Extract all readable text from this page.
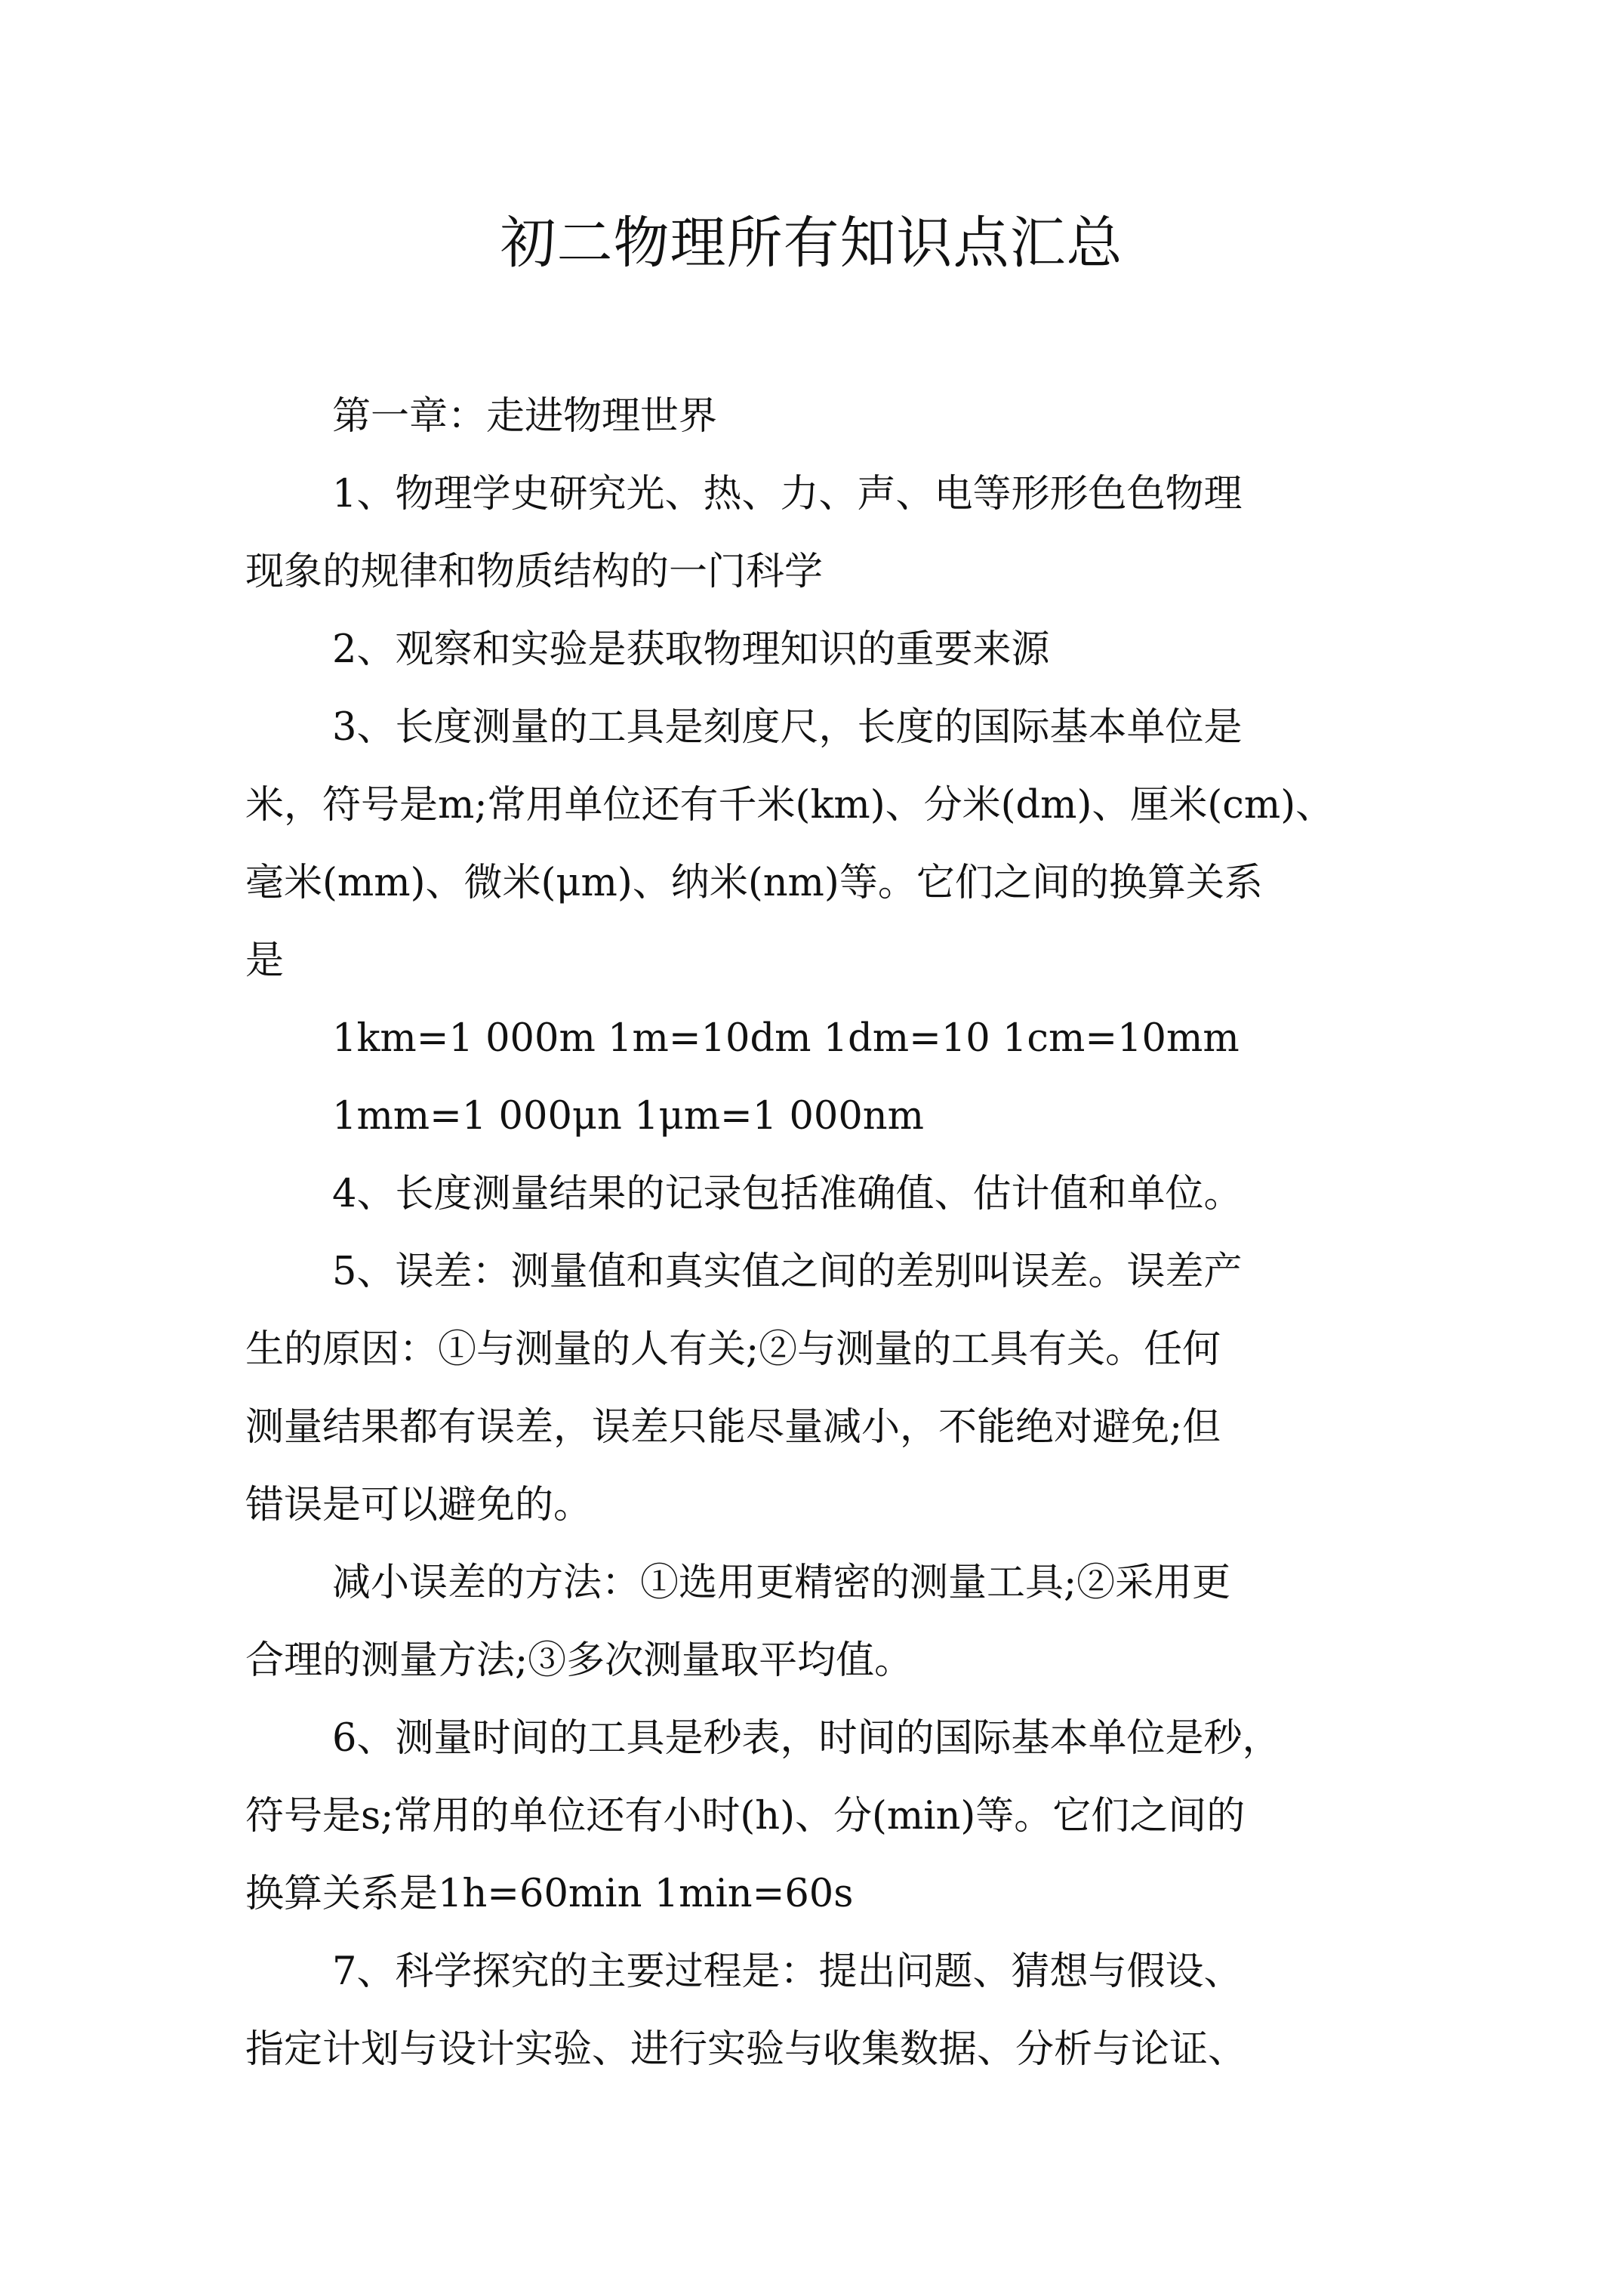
初二物理所有知识点汇总
第一章：走进物理世界
1、物理学史研究光、热、力、声、电等形形色色物理
现象的规律和物质结构的一门科学
2、观察和实验是获取物理知识的重要来源
3、长度测量的工具是刻度尺，长度的国际基本单位是
米，符号是m;常用单位还有千米(km)、分米(dm)、厘米(cm)、
毫米(mm)、微米(μm)、纳米(nm)等。它们之间的换算关系
是
1km=1 000m 1m=10dm 1dm=10 1cm=10mm
1mm=1 000μn 1μm=1 000nm
4、长度测量结果的记录包括准确值、估计值和单位。
5、误差：测量值和真实值之间的差别叫误差。误差产
生的原因：①与测量的人有关;②与测量的工具有关。任何
测量结果都有误差，误差只能尽量减小，不能绝对避免;但
错误是可以避免的。
减小误差的方法：①选用更精密的测量工具;②采用更
合理的测量方法;③多次测量取平均值。
6、测量时间的工具是秒表，时间的国际基本单位是秒，
符号是s;常用的单位还有小时(h)、分(min)等。它们之间的
换算关系是1h=60min 1min=60s
7、科学探究的主要过程是：提出问题、猜想与假设、
指定计划与设计实验、进行实验与收集数据、分析与论证、
